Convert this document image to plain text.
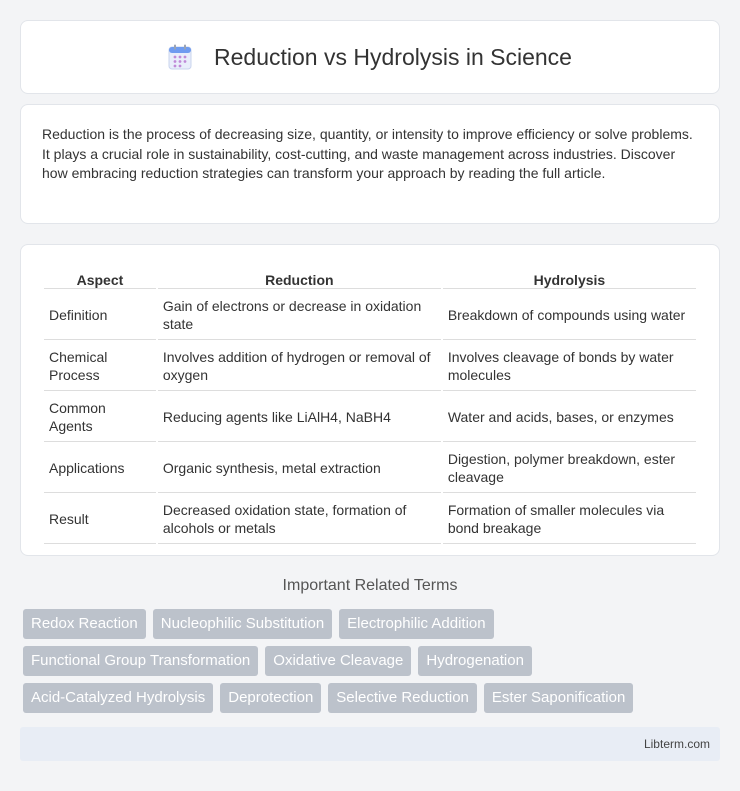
Reduction vs Hydrolysis in Science

Reduction is the process of decreasing size, quantity, or intensity to improve efficiency or solve problems. It plays a crucial role in sustainability, cost-cutting, and waste management across industries. Discover how embracing reduction strategies can transform your approach by reading the full article.

Aspect	Reduction	Hydrolysis
Definition	Gain of electrons or decrease in oxidation state	Breakdown of compounds using water
Chemical Process	Involves addition of hydrogen or removal of oxygen	Involves cleavage of bonds by water molecules
Common Agents	Reducing agents like LiAlH4, NaBH4	Water and acids, bases, or enzymes
Applications	Organic synthesis, metal extraction	Digestion, polymer breakdown, ester cleavage
Result	Decreased oxidation state, formation of alcohols or metals	Formation of smaller molecules via bond breakage
Important Related Terms
Redox Reaction	Nucleophilic Substitution	Electrophilic Addition
Functional Group Transformation	Oxidative Cleavage	Hydrogenation
Acid-Catalyzed Hydrolysis	Deprotection	Selective Reduction	Ester Saponification
Libterm.com
